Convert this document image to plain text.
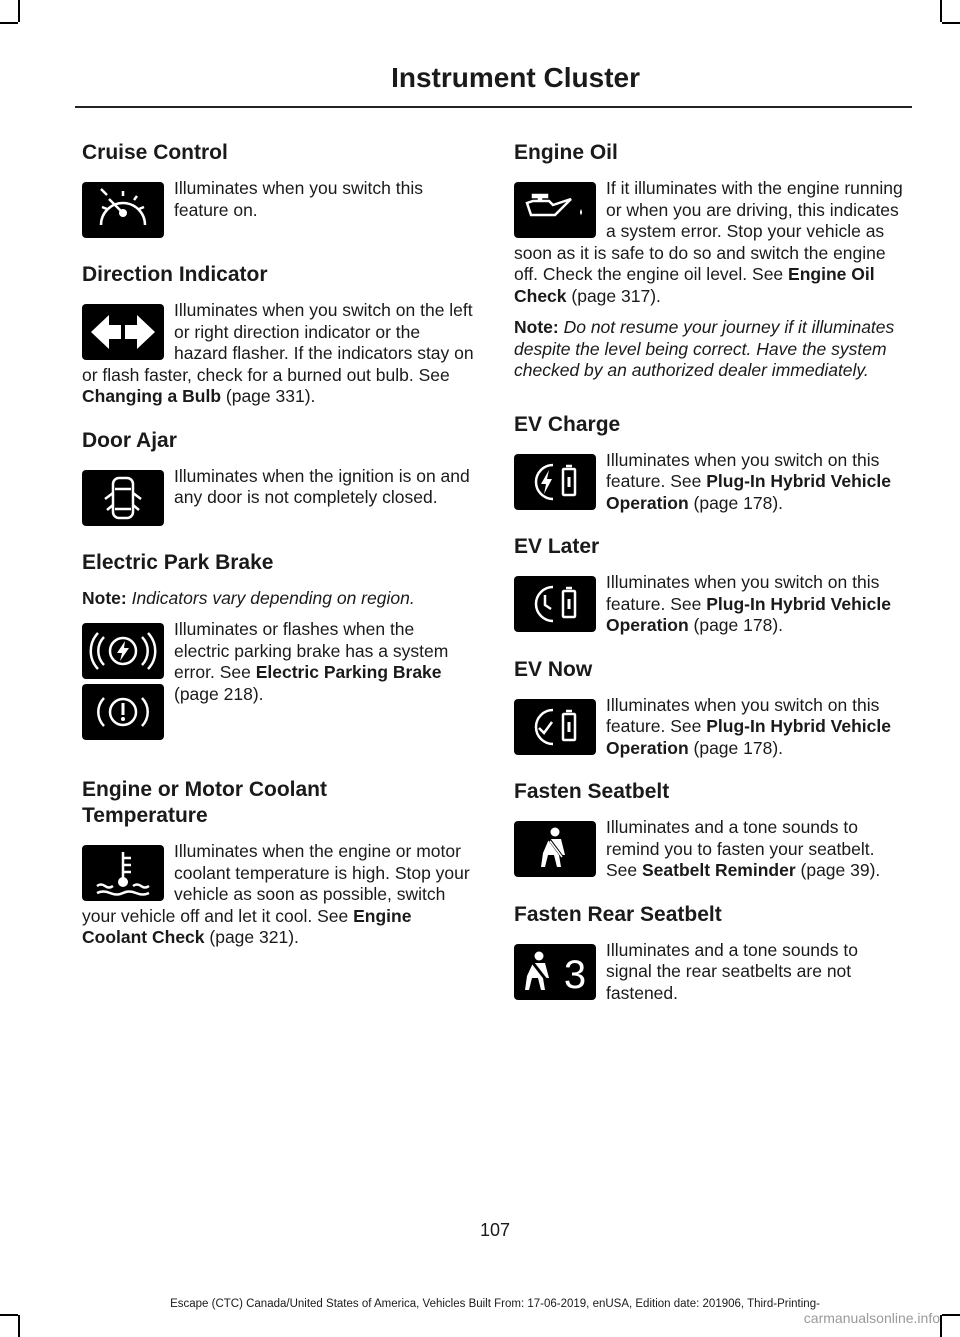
Instrument Cluster
Cruise Control

Illuminates when you switch this feature on.

Direction Indicator

Illuminates when you switch on the left or right direction indicator or the hazard flasher. If the indicators stay on or flash faster, check for a burned out bulb. See Changing a Bulb (page 331).

Door Ajar

Illuminates when the ignition is on and any door is not completely closed.

Electric Park Brake

Note: Indicators vary depending on region.

Illuminates or flashes when the electric parking brake has a system error. See Electric Parking Brake (page 218).

Engine or Motor Coolant Temperature

Illuminates when the engine or motor coolant temperature is high. Stop your vehicle as soon as possible, switch your vehicle off and let it cool. See Engine Coolant Check (page 321).

Engine Oil

If it illuminates with the engine running or when you are driving, this indicates a system error. Stop your vehicle as soon as it is safe to do so and switch the engine off. Check the engine oil level. See Engine Oil Check (page 317).

Note: Do not resume your journey if it illuminates despite the level being correct. Have the system checked by an authorized dealer immediately.

EV Charge

Illuminates when you switch on this feature. See Plug-In Hybrid Vehicle Operation (page 178).

EV Later

Illuminates when you switch on this feature. See Plug-In Hybrid Vehicle Operation (page 178).

EV Now

Illuminates when you switch on this feature. See Plug-In Hybrid Vehicle Operation (page 178).

Fasten Seatbelt

Illuminates and a tone sounds to remind you to fasten your seatbelt. See Seatbelt Reminder (page 39).

Fasten Rear Seatbelt
3

Illuminates and a tone sounds to signal the rear seatbelts are not fastened.

107
Escape (CTC) Canada/United States of America, Vehicles Built From: 17-06-2019, enUSA, Edition date: 201906, Third-Printing-
carmanualsonline.info
